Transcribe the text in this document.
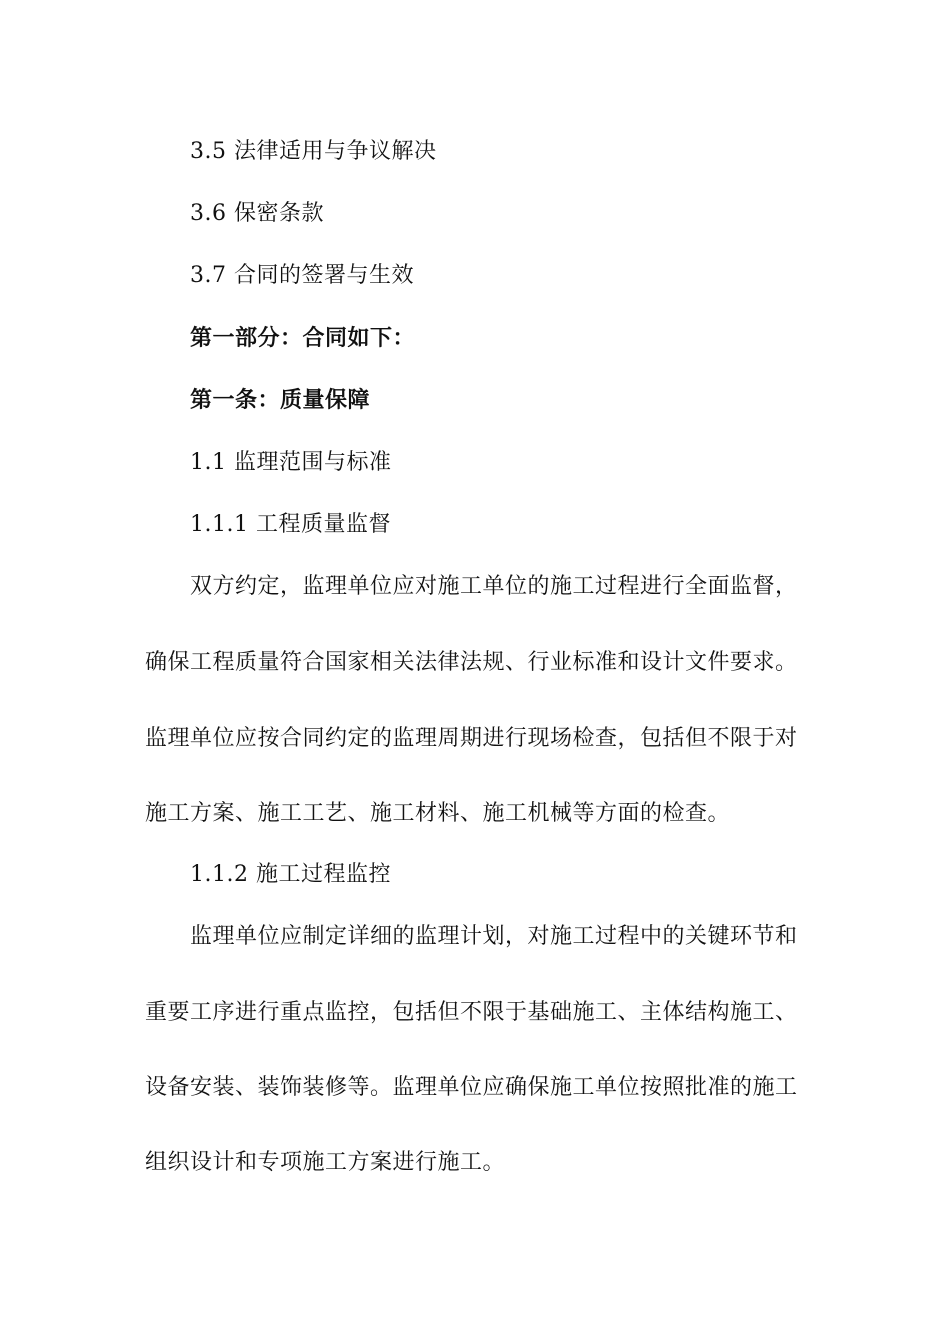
3.5 法律适用与争议解决
3.6 保密条款
3.7 合同的签署与生效
第一部分：合同如下：
第一条：质量保障
1.1 监理范围与标准
1.1.1 工程质量监督
双方约定，监理单位应对施工单位的施工过程进行全面监督，
确保工程质量符合国家相关法律法规、行业标准和设计文件要求。
监理单位应按合同约定的监理周期进行现场检查，包括但不限于对
施工方案、施工工艺、施工材料、施工机械等方面的检查。
1.1.2 施工过程监控
监理单位应制定详细的监理计划，对施工过程中的关键环节和
重要工序进行重点监控，包括但不限于基础施工、主体结构施工、
设备安装、装饰装修等。监理单位应确保施工单位按照批准的施工
组织设计和专项施工方案进行施工。
